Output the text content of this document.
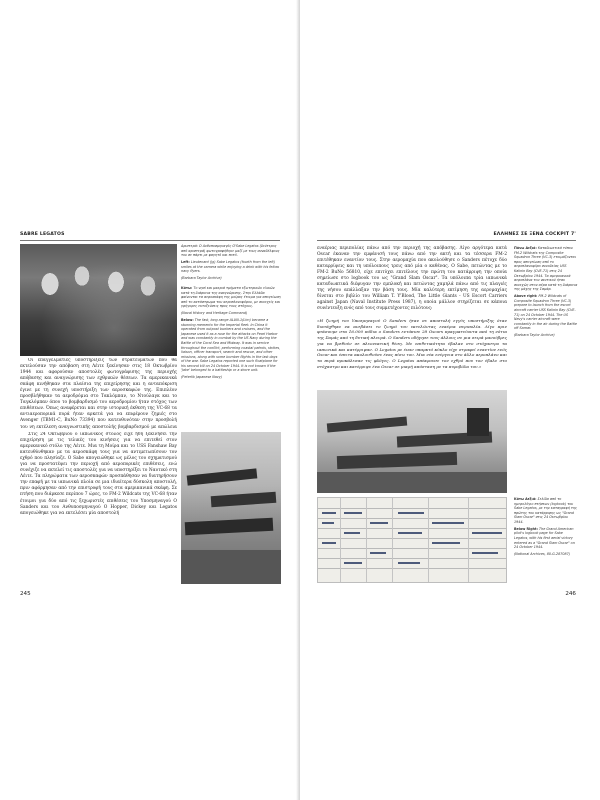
SABRE LEGATOS

Αριστερά: Ο Ανθυποσμηναγός Ο'Sabe Legatos (δεύτερος από αριστερά) φωτογραφήθηκε μαζί με τους συναδέλφους του σε πάρτι με φαγητό και ποτό.

Left: Lieutenant (jg) Sabe Legatos (fourth from the left) smiles at the camera while enjoying a drink with his fellow navy flyers.

(Barbara Taylor Archive)

Κάτω: Το νησί και μακριά τμήματα εξωτερικών ελικών κατά τη διάρκεια της αναγνώρισης. Στην Ελλάδα φαίνονται τα αεροσκάφη της μοίρας έτοιμα για απογείωση από το κατάστρωμα του αεροπλανοφόρου, με συνεχείς και γρήγορες εκτοξεύσεις προς τους στόχους.

(Naval History and Heritage Command)

Below: The fast, long-range ALUN-1(Lim) became a stunning memento for the Imperial fleet. In China it operated from outpost bunkers and cruisers, and the Japanese used it as a ruse for the attacks on Pearl Harbor and was constantly in combat by the US Navy during the Battle of the Coral Sea and Midway. It was in service throughout the conflict, performing coastal patrols, strikes, liaison, officer transport, search and rescue, and other missions, along with some bomber flights in the last days of the war. Sabe Legatos reported one such floatplane for his second kill on 24 October 1944. It is not known if the 'Jake' belonged to a battleship or a shore unit.

(Peterlik Japanese Navy)

Οι επαγγελματίες υποστηρίξεις των στρατευμάτων που θα εκτελούσαν την απόβαση στη Λέιτε ξεκίνησαν στις 18 Οκτωβρίου 1944 και αφορούσαν αποστολές φωτογράφισης της περιοχής απόβασης και αναγνώρισης των εχθρικών θέσεων. Τα αμερικανικά σκάφη κινήθηκαν στα πλαίσια της επιχείρησης και η ανταπόκριση έγινε με τη συνεχή υποστήριξη των αεροσκαφών της. Επιπλέον προσβλήθηκαν τα αεροδρόμια στο Τακλόμπαν, το Ντούλαγκ και το Ταγκλόμπαν όπου το βομβαρδισμό του αεροδρομίου ήταν στόχος των επιθέσεων. Όπως αναφέρεται και στην ιστορική έκθεση της VC-68 τα αντιαεροπορικά πυρά ήταν αρκετά για να επιφέρουν ζημιές στο Avenger (TBM1-C, BuNo 73394) που κατευθυνόταν στην προσβολή του νη εκτέλεση αναγνωστικής αποστολής βομβαρδισμού με απώλεια

Στις 24 Οκτωβρίου ο ιαπωνικός στόλος είχε ήδη ξεκινήσει την επιχείρηση με τις τελικές του κινήσεις για να επιτεθεί στον αμερικανικό στόλο της Λέιτε. Μια τη Μοίρα και το USS Fanshaw Bay κατευθύνθηκαν με τα αεροσκάφη τους για να αντιμετωπίσουν τον εχθρό που πλησίαζε. Ο Sabe απογειώθηκε ως μέλος του σχηματισμού για να προστατέψει την περιοχή από αεροπορικές επιθέσεις, ενώ συνέχιζε να εκτελεί τις αποστολές για να υποστηρίξει το Ναυτικό στη Λέιτε. Τα πληρώματα των αεροσκαφών προσπάθησαν να διατηρήσουν την επαφή με τα ιαπωνικά πλοία σε μια ιδιαίτερα δύσκολη αποστολή, πριν αφόρμησαν από την επιστροφή τους στα αμερικανικά σκάφη. Σε πτήση που διάρκεσε περίπου 7 ώρες, το FM-2 Wildcats της VC-68 ήταν έτοιμοι για δύο από τις ξεχωριστές επιθέσεις του Υποσμηναγού Ο Sanders και του Ανθυποσμηναγού Ο Hopper, Dickey και Legatos απογειώθηκε για να εκτελέσει μία αποστολή

245
ΕΛΛΗΝΕΣ ΣΕ ΞΕΝΑ COCKPIT 7'

εναέριας περιπολίας πάνω από την περιοχή της απόβασης. Λίγο αργότερα κατά Oscar έκαναν την εμφάνισή τους πάνω από την ακτή και τα τέσσερα FM-2 επιτέθηκαν εναντίον τους. Στην αερομαχία που ακολούθησε ο Sanders πέτυχε δύο καταρρίψεις και τη υπόλοιπους τρεις από μία ο καθένας. Ο Sabe, πετώντας με το FM-2 BuNo 56810, είχε επιτύχει επιτέλους την πρώτη του κατάρριψη την οποία σημείωσε στο logbook του ως "Grand Slam Oscar". Τα υπόλοιπα τρία ιαπωνικά καταδιωκτικά διέφυγαν την εμπλοκή και πετώντας χαμηλά πάνω από τις πλαγιές της νήσου απάλλαξαν την βάση τους. Μία καλύτερη εκτίμηση της αερομαχίας δίνεται στο βιβλίο του William T. Y'Blood, The Little Giants - US Escort Carriers against Japan (Naval Institute Press 1987), η οποία μάλλον στηρίζεται σε κάποια συνέντευξη ενός από τους συμμετέχοντες πιλότους:

«Η ζωηρή του Υποσμηναγού Ο Sanders ήταν σε αποστολή εγγύς υποστήριξης όταν διατάχθηκε να ανεβάσει το ζωηρό του εκτελώντας εναέρια περιπολία. Λίγο πριν φτάσουμε στα 16.000 πόδια ο Sanders εντόπισε 28 Oscars πραγματεύοντα από τη νότια της Σαμάς από τη δυτική πλευρά. Ο Sanders οδήγησε τους άλλους σε μια σειρά μανούβρες για να βρεθούν σε πλεονεκτική θέση. Με επιθετικότητα έβαλαν στο στόχαστρο τα ιαπωνικά και κατέρριψαν. Ο Legatos με έναν υπαρκτό κύκλο είχε στραφεί εναντίον ενός Oscar και έπειτα ακολουθούσε ένας πίσω του. Μια νέα ενέργεια στο άλλο αεροπλάνο και τα πυρά προκάλεσαν τις φλόγες. Ο Legatos απέκρουσε τον εχθρό που τον έβαλε στο στόχαστρο και κατέρριψε ένα Oscar σε μικρή απόσταση με τα πυροβόλα του.»

Πάνω Δεξιά: Καταδιωκτικά τύπου FM-2 Wildcats της Composite Squadron Three (VC-3) ετοιμάζονται προς απογείωση από το αεροπλανοφόρο συνοδείας USS Kalinin Bay (CVE-71) στις 24 Οκτωβρίου 1944. Τα αμερικανικά αεροπλάνα του ναυτικού ήταν συνεχώς στον αέρα κατά τη διάρκεια της μάχης της Σαμάρ.

Above right: FM-2 Wildcats of Composite Squadron Three (VC-3) prepare to launch from the escort aircraft carrier USS Kalinin Bay (CVE-71) on 24 October 1944. The US Navy's carrier aircraft were constantly in the air during the Battle off Samar.

(Barbara Taylor Archive)

Κάτω Δεξιά: Σελίδα από το ημερολόγιο πτήσεων (logbook) του Sabe Legatos, με την καταγραφή της πρώτης του κατάρριψης ως "Grand Slam Oscar" στις 24 Οκτωβρίου 1944.

Below Right: The Grand American pilot's logbook page for Sabe Legatos, with his first aerial victory entered as a "Grand Slam Oscar" on 24 October 1944.

(National Archives, 80-G-287087)

246
